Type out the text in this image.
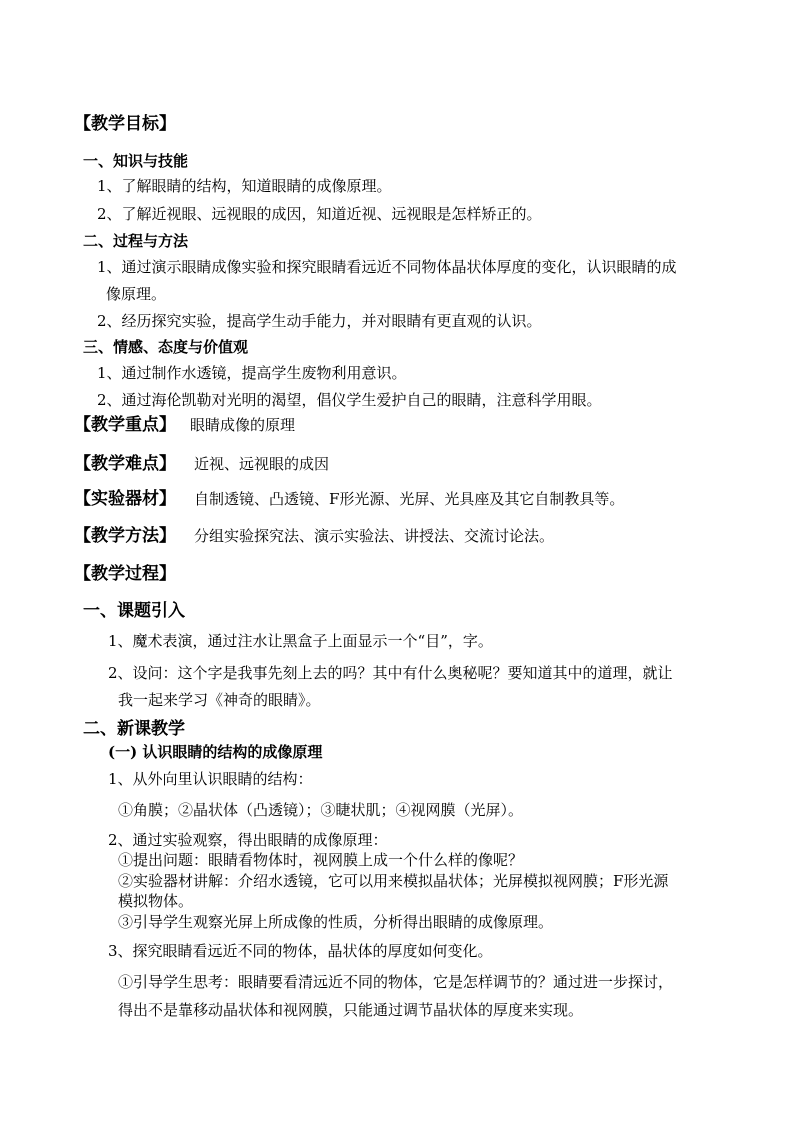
【教学目标】
一、知识与技能
1、了解眼睛的结构，知道眼睛的成像原理。
2、了解近视眼、远视眼的成因，知道近视、远视眼是怎样矫正的。
二、过程与方法
1、通过演示眼睛成像实验和探究眼睛看远近不同物体晶状体厚度的变化，认识眼睛的成
像原理。
2、经历探究实验，提高学生动手能力，并对眼睛有更直观的认识。
三、情感、态度与价值观
1、通过制作水透镜，提高学生废物利用意识。
2、通过海伦凯勒对光明的渴望，倡仪学生爱护自己的眼睛，注意科学用眼。
【教学重点】 眼睛成像的原理
【教学难点】 近视、远视眼的成因
【实验器材】 自制透镜、凸透镜、F形光源、光屏、光具座及其它自制教具等。
【教学方法】 分组实验探究法、演示实验法、讲授法、交流讨论法。
【教学过程】
一、课题引入
1、魔术表演，通过注水让黑盒子上面显示一个“目”，字。
2、设问：这个字是我事先刻上去的吗？其中有什么奥秘呢？要知道其中的道理，就让
我一起来学习《神奇的眼睛》。
二、新课教学
(一) 认识眼睛的结构的成像原理
1、从外向里认识眼睛的结构：
①角膜；②晶状体（凸透镜）；③睫状肌；④视网膜（光屏）。
2、通过实验观察，得出眼睛的成像原理：
①提出问题：眼睛看物体时，视网膜上成一个什么样的像呢？
②实验器材讲解：介绍水透镜，它可以用来模拟晶状体；光屏模拟视网膜；F形光源
模拟物体。
③引导学生观察光屏上所成像的性质，分析得出眼睛的成像原理。
3、探究眼睛看远近不同的物体，晶状体的厚度如何变化。
①引导学生思考：眼睛要看清远近不同的物体，它是怎样调节的？通过进一步探讨，
得出不是靠移动晶状体和视网膜，只能通过调节晶状体的厚度来实现。
